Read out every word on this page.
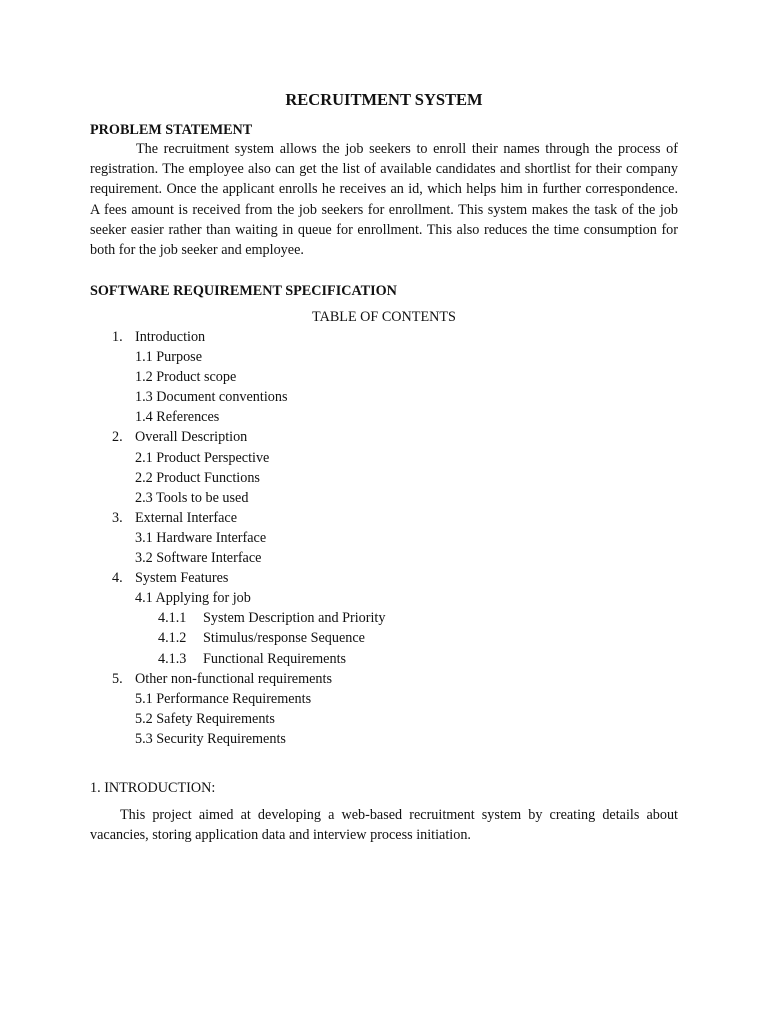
RECRUITMENT SYSTEM
PROBLEM STATEMENT
The recruitment system allows the job seekers to enroll their names through the process of registration. The employee also can get the list of available candidates and shortlist for their company requirement. Once the applicant enrolls he receives an id, which helps him in further correspondence. A fees amount is received from the job seekers for enrollment. This system makes the task of the job seeker easier rather than waiting in queue for enrollment. This also reduces the time consumption for both for the job seeker and employee.
SOFTWARE REQUIREMENT SPECIFICATION
TABLE OF CONTENTS
1. Introduction
1.1 Purpose
1.2 Product scope
1.3 Document conventions
1.4 References
2. Overall Description
2.1 Product Perspective
2.2 Product Functions
2.3 Tools to be used
3. External Interface
3.1 Hardware Interface
3.2 Software Interface
4. System Features
4.1 Applying for job
4.1.1 System Description and Priority
4.1.2 Stimulus/response Sequence
4.1.3 Functional Requirements
5. Other non-functional requirements
5.1 Performance Requirements
5.2 Safety Requirements
5.3 Security Requirements
1. INTRODUCTION:
This project aimed at developing a web-based recruitment system by creating details about vacancies, storing application data and interview process initiation.
